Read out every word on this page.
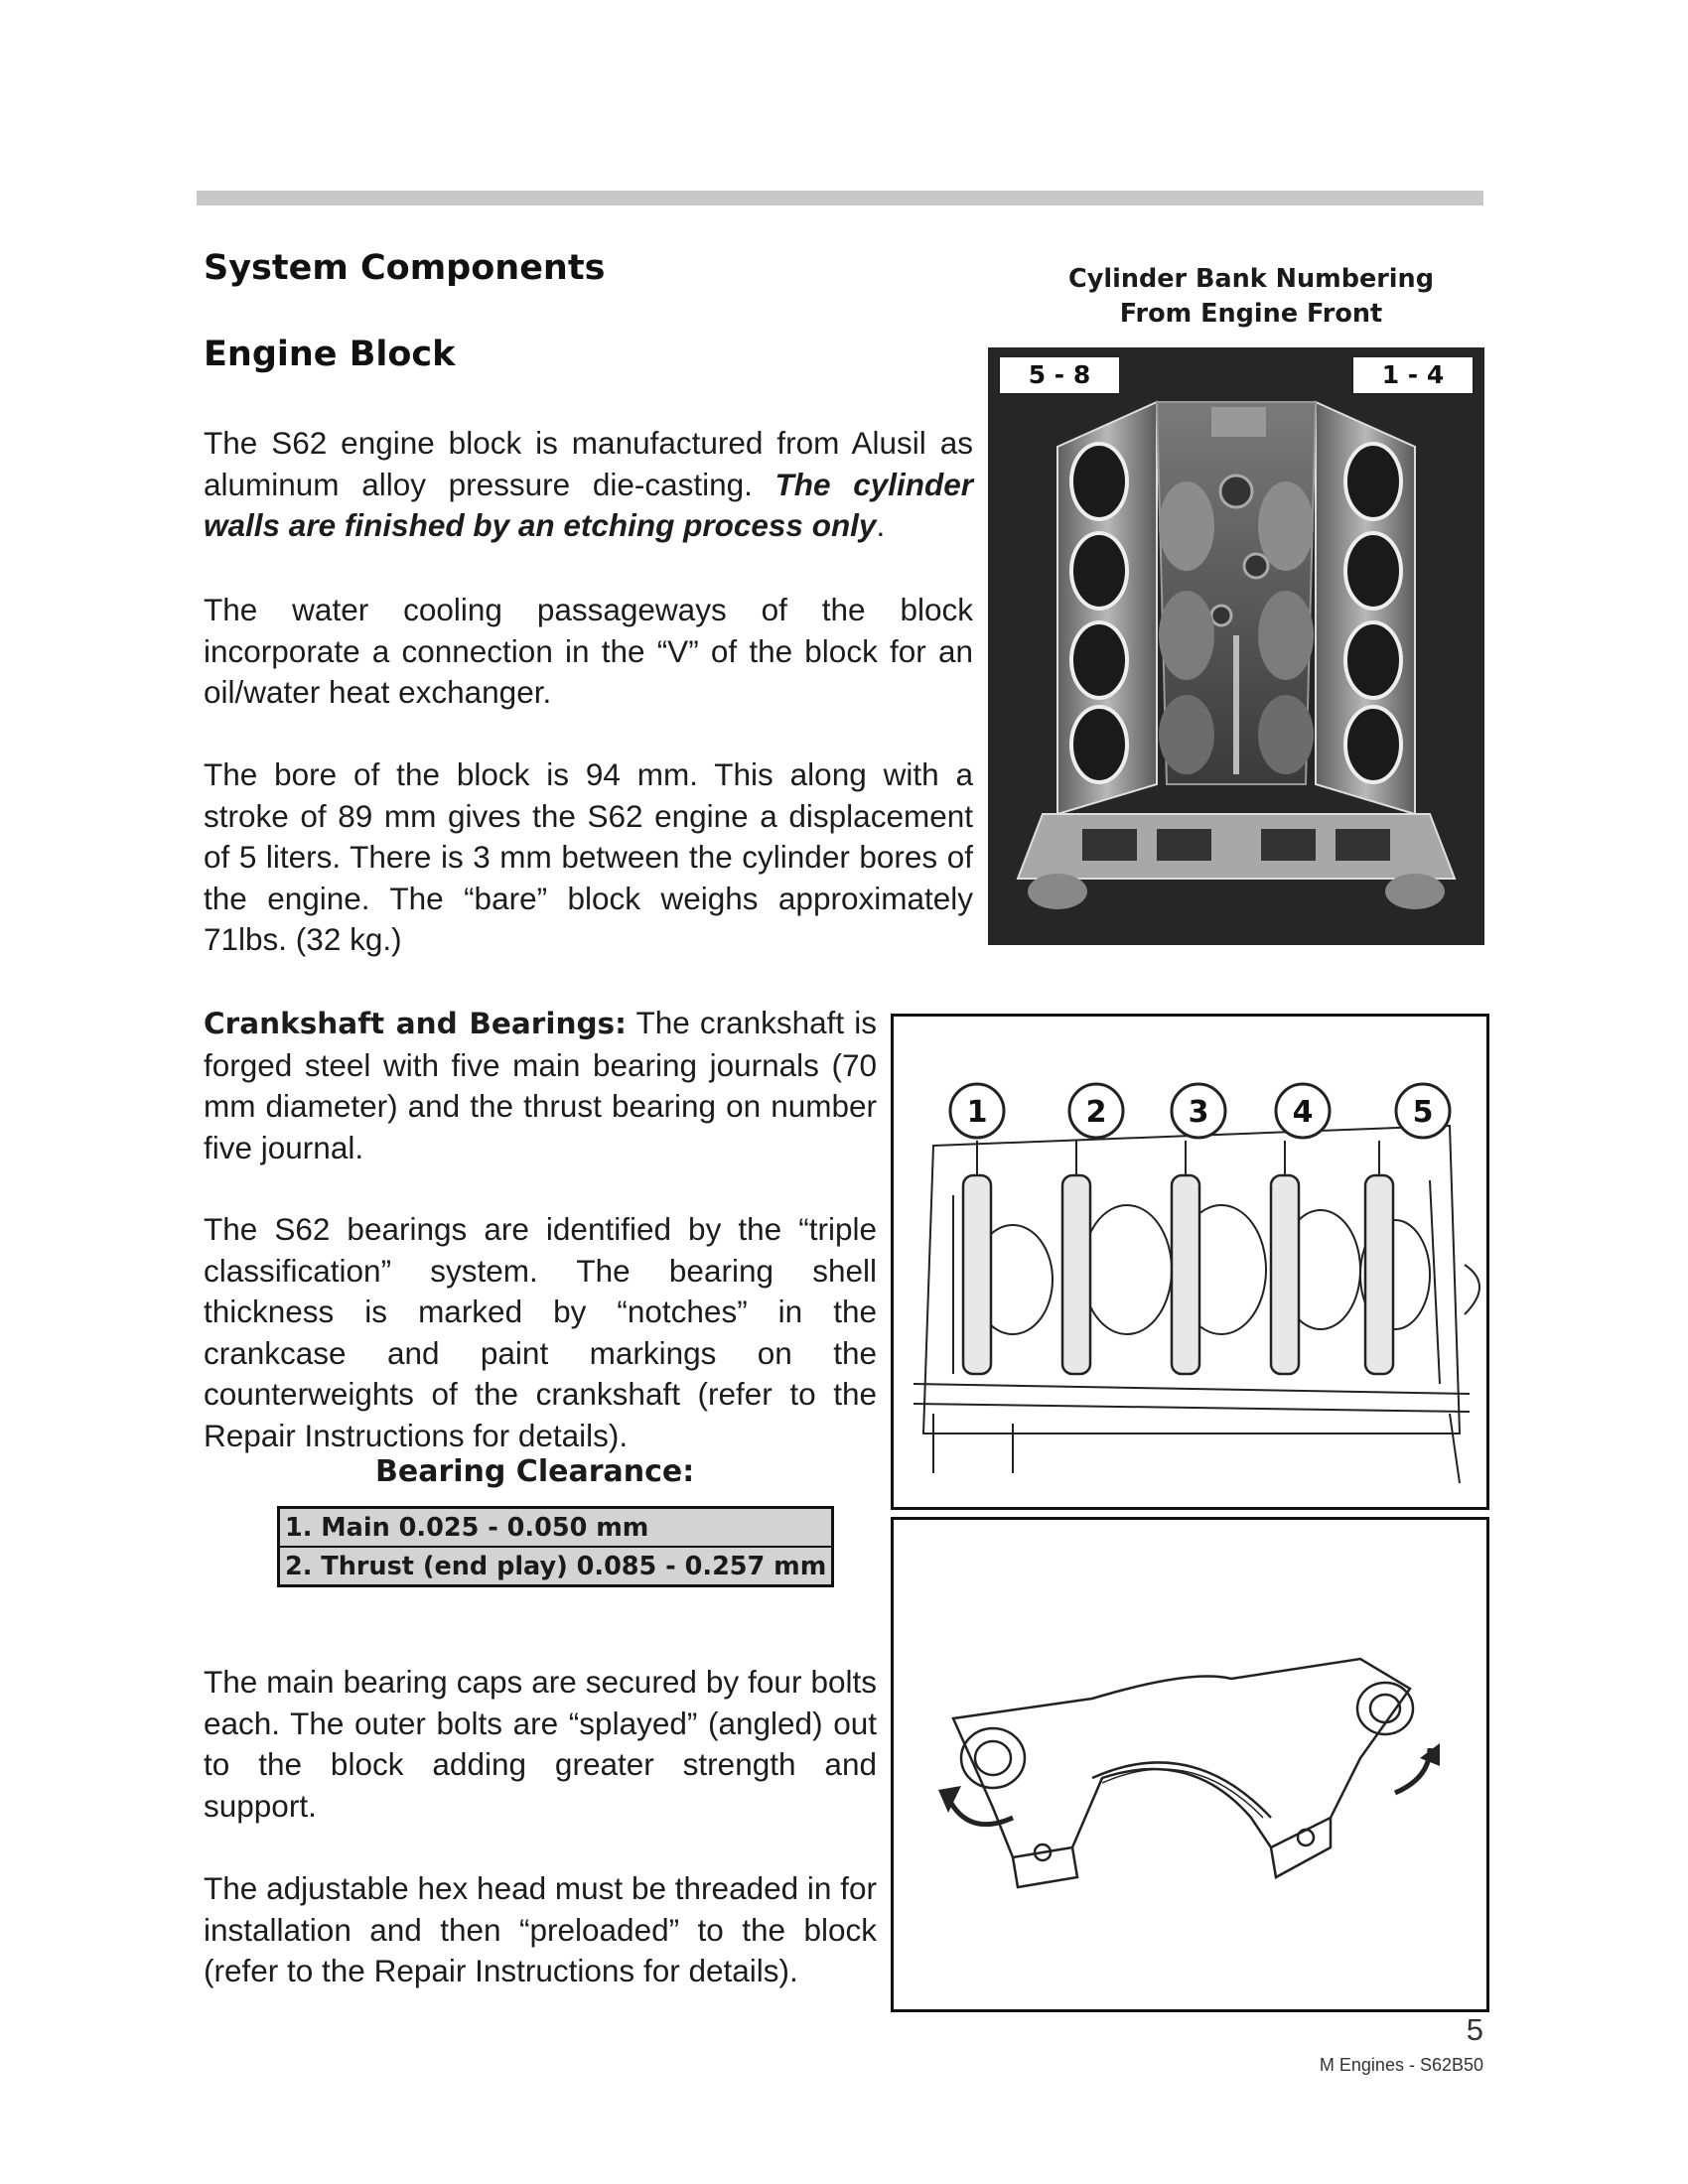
System Components
Engine Block

The S62 engine block is manufactured from Alusil as aluminum alloy pressure die-casting. The cylinder walls are finished by an etching process only.

The water cooling passageways of the block incorporate a connection in the “V” of the block for an oil/water heat exchanger.

The bore of the block is 94 mm. This along with a stroke of 89 mm gives the S62 engine a displacement of 5 liters. There is 3 mm between the cylinder bores of the engine. The “bare” block weighs approximately 71lbs. (32 kg.)

Crankshaft and Bearings: The crankshaft is forged steel with five main bearing journals (70 mm diameter) and the thrust bearing on number five journal.

The S62 bearings are identified by the “triple classification” system. The bearing shell thickness is marked by “notches” in the crankcase and paint markings on the counterweights of the crankshaft (refer to the Repair Instructions for details).

Bearing Clearance:
1. Main 0.025 - 0.050 mm
2. Thrust (end play) 0.085 - 0.257 mm

The main bearing caps are secured by four bolts each. The outer bolts are “splayed” (angled) out to the block adding greater strength and support.

The adjustable hex head must be threaded in for installation and then “preloaded” to the block (refer to the Repair Instructions for details).

Cylinder Bank Numbering
From Engine Front
5 - 8	1 - 4
1	2	3	4	5
5
M Engines - S62B50
